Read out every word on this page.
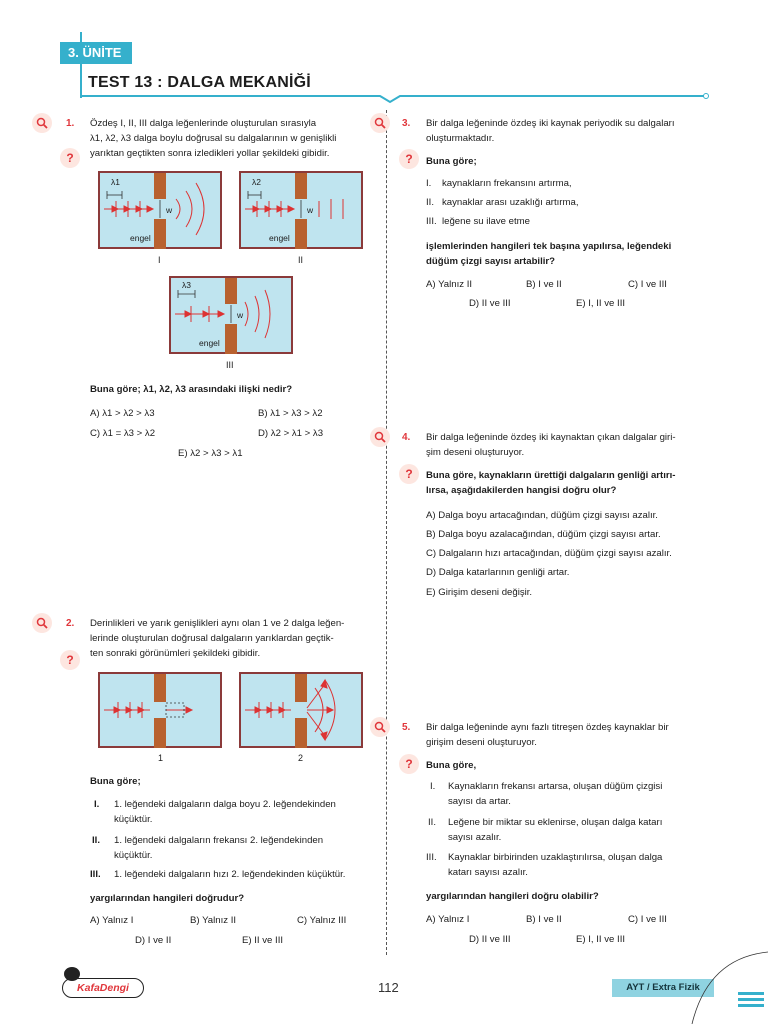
3. ÜNİTE
TEST 13 : DALGA MEKANİĞİ
?
1. Özdeş I, II, III dalga leğenlerinde oluşturulan sırasıyla
λ1, λ2, λ3 dalga boylu doğrusal su dalgalarının w genişlikli
yarıktan geçtikten sonra izledikleri yollar şekildeki gibidir.
λ1
w
engel
I
λ2
w
engel
II
λ3
w
engel
III
Buna göre; λ1, λ2, λ3 arasındaki ilişki nedir?
A) λ1 > λ2 > λ3	B) λ1 > λ3 > λ2
C) λ1 = λ3 > λ2	D) λ2 > λ1 > λ3
E) λ2 > λ3 > λ1
?
2. Derinlikleri ve yarık genişlikleri aynı olan 1 ve 2 dalga leğen-
lerinde oluşturulan doğrusal dalgaların yarıklardan geçtik-
ten sonraki görünümleri şekildeki gibidir.
1	2
Buna göre;
I. 1. leğendeki dalgaların dalga boyu 2. leğendekinden
küçüktür.
II. 1. leğendeki dalgaların frekansı 2. leğendekinden
küçüktür.
III. 1. leğendeki dalgaların hızı 2. leğendekinden küçüktür.
yargılarından hangileri doğrudur?
A) Yalnız I	B) Yalnız II	C) Yalnız III
D) I ve II	E) II ve III
?
3. Bir dalga leğeninde özdeş iki kaynak periyodik su dalgaları
oluşturmaktadır.
Buna göre;
I. kaynakların frekansını artırma,
II. kaynaklar arası uzaklığı artırma,
III. leğene su ilave etme
işlemlerinden hangileri tek başına yapılırsa, leğendeki
düğüm çizgi sayısı artabilir?
A) Yalnız II	B) I ve II	C) I ve III
D) II ve III	E) I, II ve III
?
4. Bir dalga leğeninde özdeş iki kaynaktan çıkan dalgalar giri-
şim deseni oluşturuyor.
Buna göre, kaynakların ürettiği dalgaların genliği artırı-
lırsa, aşağıdakilerden hangisi doğru olur?
A) Dalga boyu artacağından, düğüm çizgi sayısı azalır.
B) Dalga boyu azalacağından, düğüm çizgi sayısı artar.
C) Dalgaların hızı artacağından, düğüm çizgi sayısı azalır.
D) Dalga katarlarının genliği artar.
E) Girişim deseni değişir.
?
5. Bir dalga leğeninde aynı fazlı titreşen özdeş kaynaklar bir
girişim deseni oluşturuyor.
Buna göre,
I. Kaynakların frekansı artarsa, oluşan düğüm çizgisi
sayısı da artar.
II. Leğene bir miktar su eklenirse, oluşan dalga katarı
sayısı azalır.
III. Kaynaklar birbirinden uzaklaştırılırsa, oluşan dalga
katarı sayısı azalır.
yargılarından hangileri doğru olabilir?
A) Yalnız I	B) I ve II	C) I ve III
D) II ve III	E) I, II ve III
KafaDengi	112	AYT / Extra Fizik
